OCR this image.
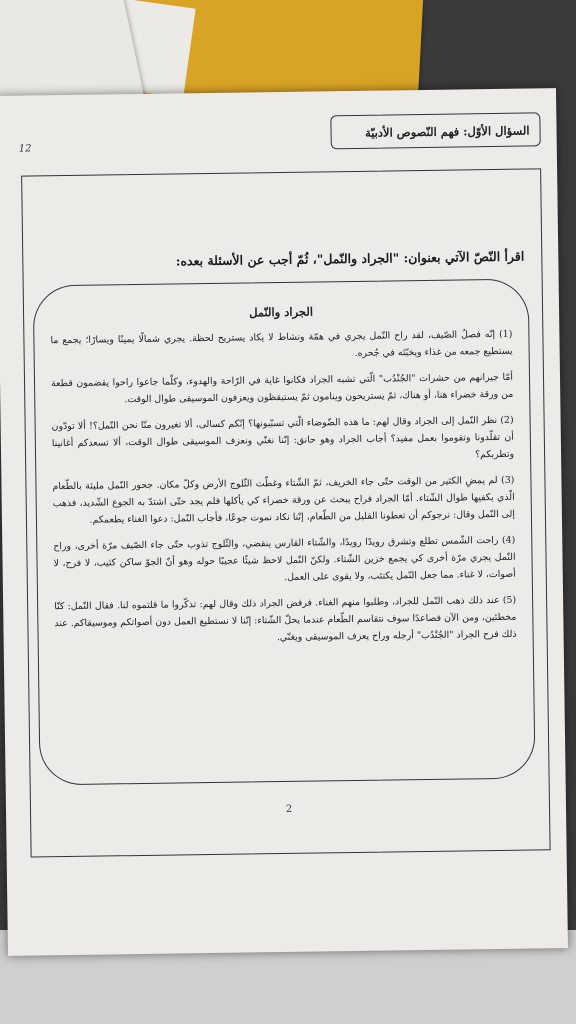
12
السؤال الأوّل: فهم النّصوص الأدبيّة
اقرأ النّصّ الآتي بعنوان: "الجراد والنّمل"، ثُمّ أجب عن الأسئلة بعده:
الجراد والنّمل

(1) إنّه فصلُ الصّيف، لقد راح النّمل يجري في همّة ونشاط لا يكاد يستريح لحظة. يجري شمالًا يمينًا ويسارًا؛ يجمع ما يستطيع جمعه من غذاء ويخبّئه في جُحره.

أمّا جيرانهم من حشرات "الجُنْدُب" الّتي تشبه الجراد فكانوا غاية في الرّاحة والهدوء، وكلّما جاعوا راحوا يقضمون قطعة من ورقة خضراء هنا، أو هناك، ثمّ يستريحون وينامون ثمّ يستيقظون ويعزفون الموسيقى طوال الوقت.

(2) نظر النّمل إلى الجراد وقال لهم: ما هذه الضّوضاء الّتي تسبّبونها؟ إنّكم كسالى، ألا تغيرون منّا نحن النّمل؟! ألا تودّون أن تقلّدونا وتقوموا بعمل مفيد؟ أجاب الجراد وهو حانق: إنّنا نغنّي ونعزف الموسيقى طوال الوقت، ألا تسعدكم أغانينا وتطربكم؟

(3) لم يمضِ الكثير من الوقت حتّى جاء الخريف، ثمّ الشّتاء وغطّت الثّلوج الأرض وكلّ مكان. جحور النّمل مليئة بالطّعام الّذي يكفيها طوال الشّتاء. أمّا الجراد فراح يبحث عن ورقة خضراء كي يأكلها فلم يجد حتّى اشتدّ به الجوع الشّديد، فذهب إلى النّمل وقال: نرجوكم أن تعطونا القليل من الطّعام، إنّنا نكاد نموت جوعًا، فأجاب النّمل: دعوا الغناء يطعمكم.

(4) راحت الشّمس تطلع وتشرق رويدًا رويدًا، والشّتاء القارس ينقضي، والثّلوج تذوب حتّى جاء الصّيف مرّة أخرى، وراح النّمل يجري مرّة أخرى كي يجمع خزين الشّتاء. ولكنّ النّمل لاحظ شيئًا عجيبًا حوله وهو أنّ الجوّ ساكن كئيب، لا فرح، لا أصوات، لا غناء. مما جعل النّمل يكتئب، ولا يقوى على العمل.

(5) عند ذلك ذهب النّمل للجراد، وطلبوا منهم الغناء. فرفض الجراد ذلك وقال لهم: تذكّروا ما قلتموه لنا. فقال النّمل: كنّا مخطئين، ومن الآن فصاعدًا سوف نتقاسم الطّعام عندما يحلّ الشّتاء: إنّنا لا نستطيع العمل دون أصواتكم وموسيقاكم. عند ذلك فرح الجراد "الجُنْدُب" أرجله وراح يعزف الموسيقى ويغنّي.

2
